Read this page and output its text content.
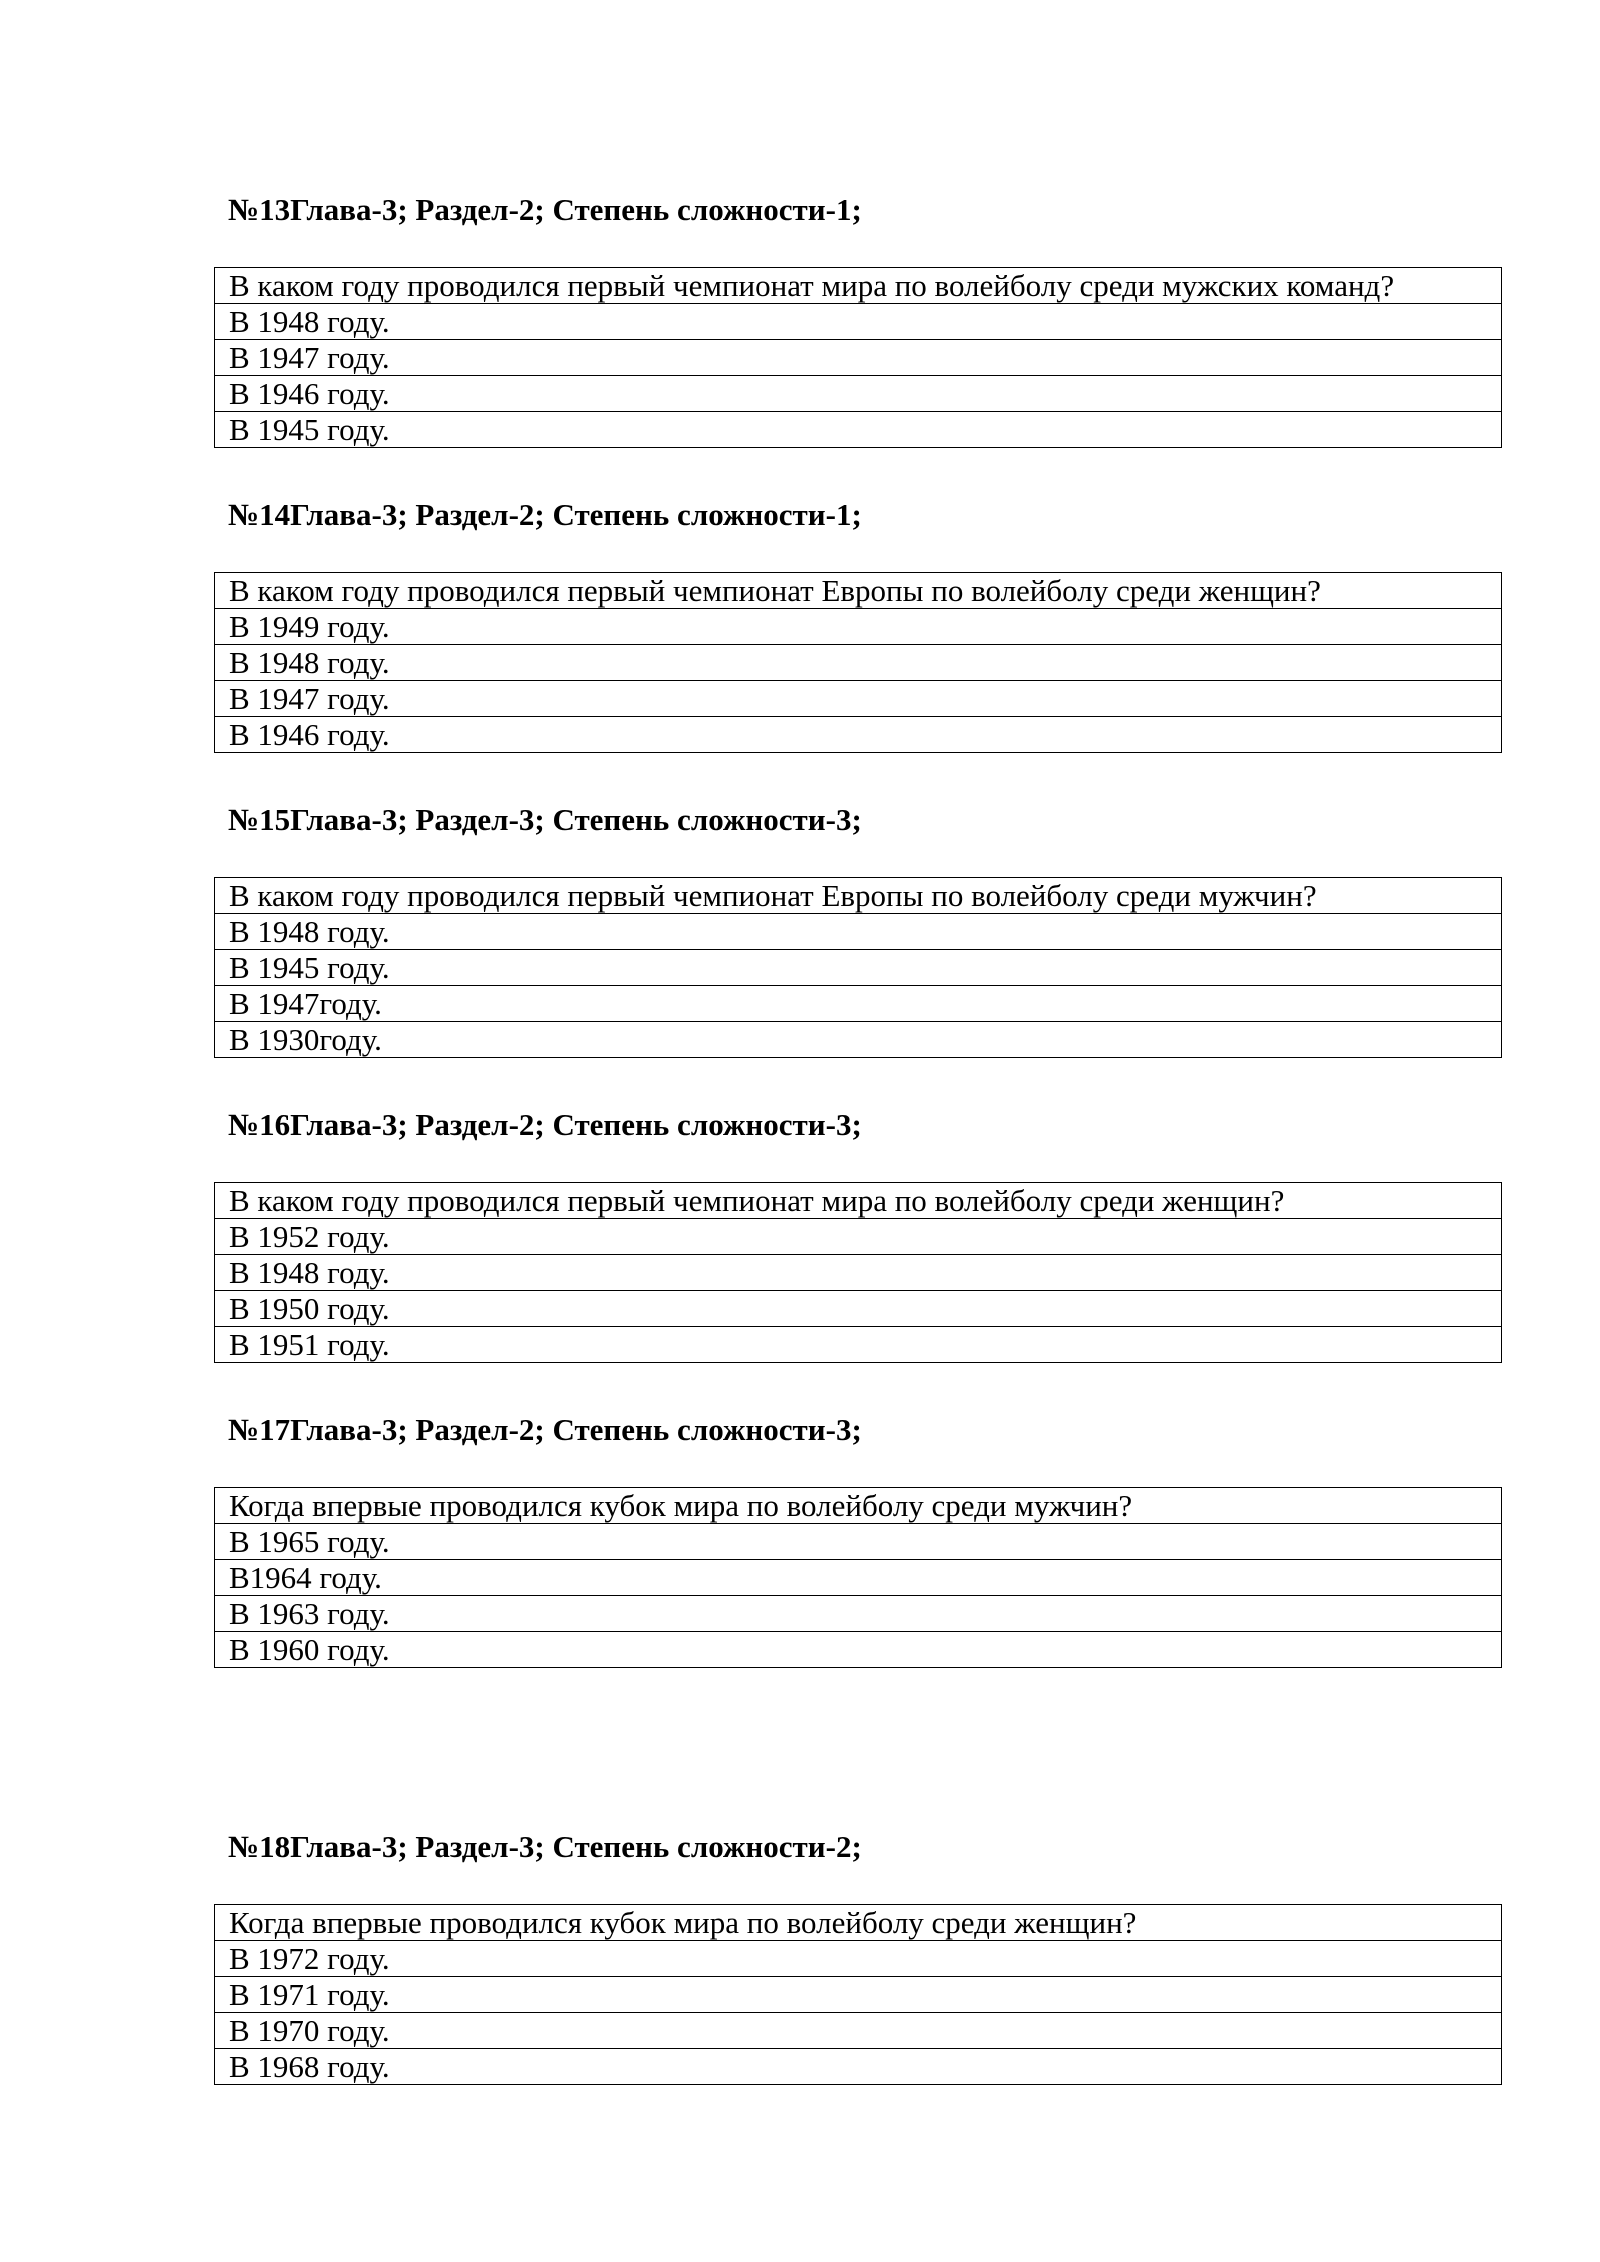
№13Глава-3; Раздел-2; Степень сложности-1;

В каком году проводился первый чемпионат мира по волейболу среди мужских команд?
В 1948 году.
В 1947 году.
В 1946 году.
В 1945 году.

№14Глава-3; Раздел-2; Степень сложности-1;

В каком году проводился первый чемпионат Европы по волейболу среди женщин?
В 1949 году.
В 1948 году.
В 1947 году.
В 1946 году.

№15Глава-3; Раздел-3; Степень сложности-3;

В каком году проводился первый чемпионат Европы по волейболу среди мужчин?
В 1948 году.
В 1945 году.
В 1947году.
В 1930году.

№16Глава-3; Раздел-2; Степень сложности-3;

В каком году проводился первый чемпионат мира по волейболу среди женщин?
В 1952 году.
В 1948 году.
В 1950 году.
В 1951 году.

№17Глава-3; Раздел-2; Степень сложности-3;

Когда впервые проводился кубок мира по волейболу среди мужчин?
В 1965 году.
В1964 году.
В 1963 году.
В 1960 году.

№18Глава-3; Раздел-3; Степень сложности-2;

Когда впервые проводился кубок мира по волейболу среди женщин?
В 1972 году.
В 1971 году.
В 1970 году.
В 1968 году.
